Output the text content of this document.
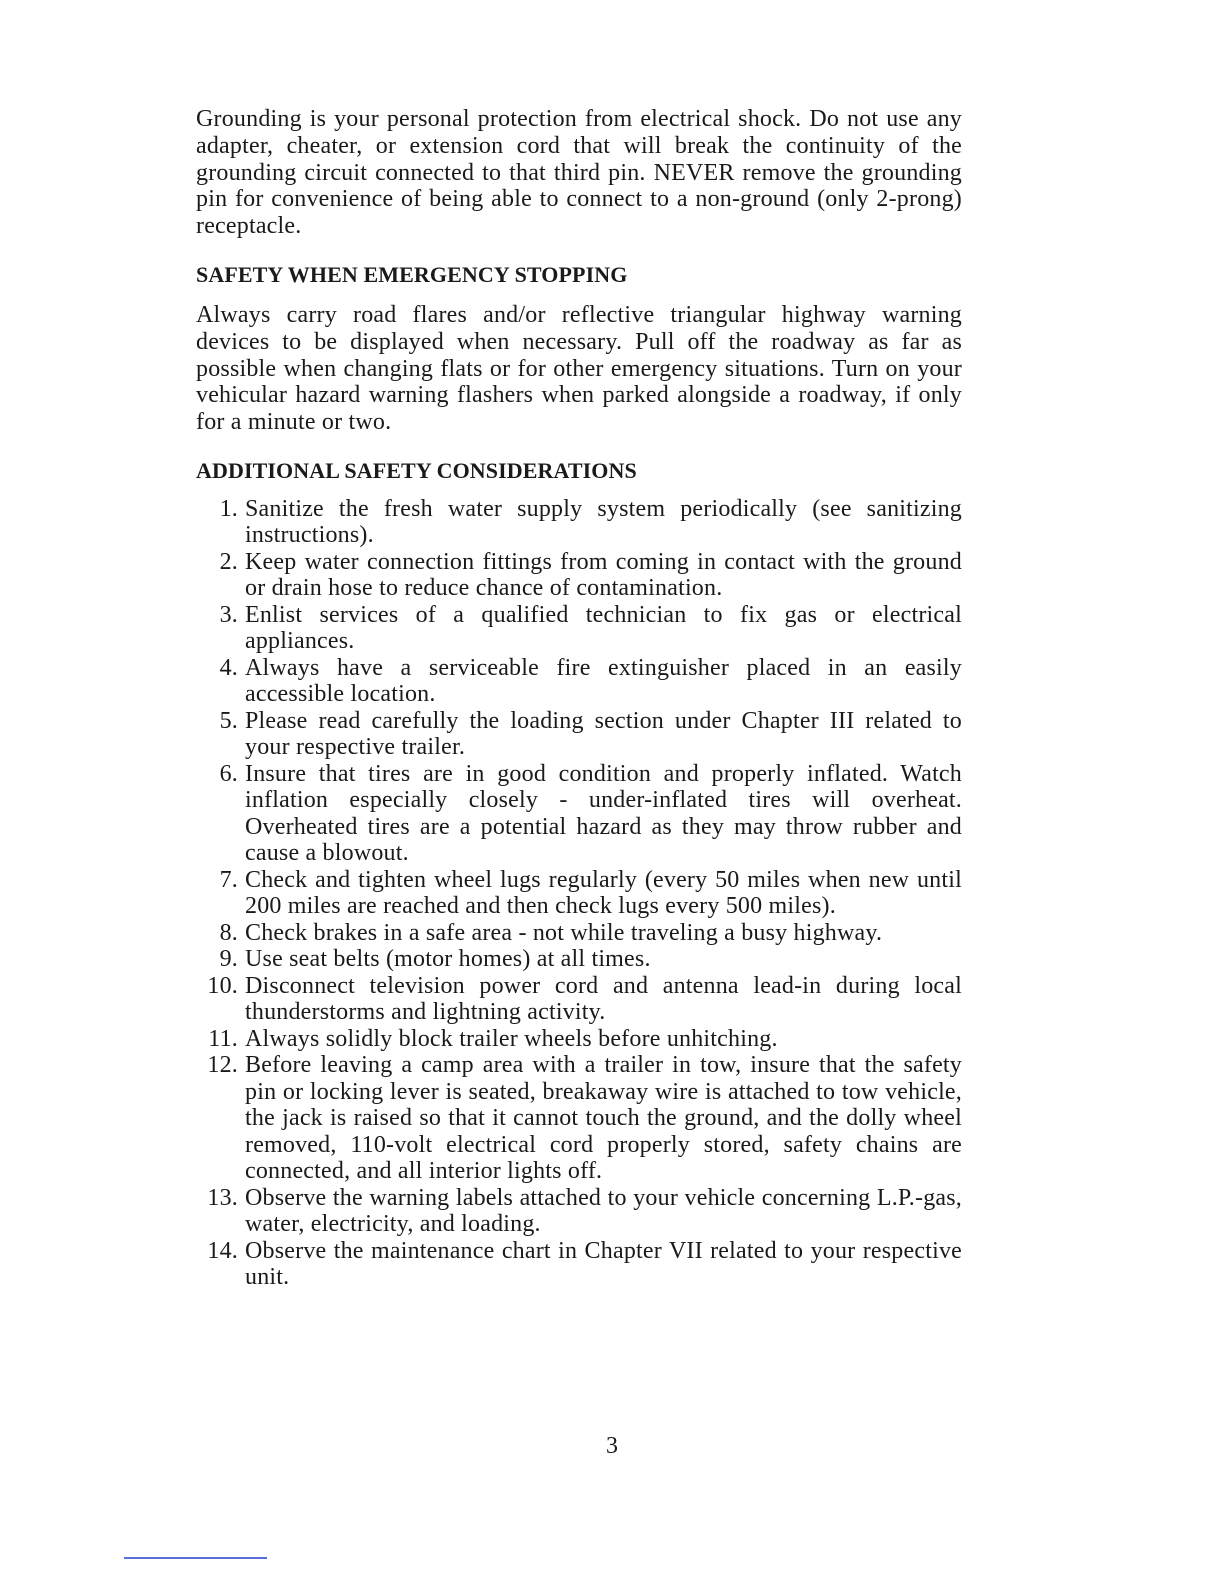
Grounding is your personal protection from electrical shock. Do not use any adapter, cheater, or extension cord that will break the continuity of the grounding circuit connected to that third pin. NEVER remove the grounding pin for convenience of being able to connect to a non-ground (only 2-prong) receptacle.

SAFETY WHEN EMERGENCY STOPPING

Always carry road flares and/or reflective triangular highway warning devices to be displayed when necessary. Pull off the roadway as far as possible when changing flats or for other emergency situations. Turn on your vehicular hazard warning flashers when parked alongside a roadway, if only for a minute or two.

ADDITIONAL SAFETY CONSIDERATIONS
1. Sanitize the fresh water supply system periodically (see sanitizing instructions).
2. Keep water connection fittings from coming in contact with the ground or drain hose to reduce chance of contamination.
3. Enlist services of a qualified technician to fix gas or electrical appliances.
4. Always have a serviceable fire extinguisher placed in an easily accessible location.
5. Please read carefully the loading section under Chapter III related to your respective trailer.
6. Insure that tires are in good condition and properly inflated. Watch inflation especially closely - under-inflated tires will overheat. Overheated tires are a potential hazard as they may throw rubber and cause a blowout.
7. Check and tighten wheel lugs regularly (every 50 miles when new until 200 miles are reached and then check lugs every 500 miles).
8. Check brakes in a safe area - not while traveling a busy highway.
9. Use seat belts (motor homes) at all times.
10. Disconnect television power cord and antenna lead-in during local thunderstorms and lightning activity.
11. Always solidly block trailer wheels before unhitching.
12. Before leaving a camp area with a trailer in tow, insure that the safety pin or locking lever is seated, breakaway wire is attached to tow vehicle, the jack is raised so that it cannot touch the ground, and the dolly wheel removed, 110-volt electrical cord properly stored, safety chains are connected, and all interior lights off.
13. Observe the warning labels attached to your vehicle concerning L.P.-gas, water, electricity, and loading.
14. Observe the maintenance chart in Chapter VII related to your respective unit.
3
